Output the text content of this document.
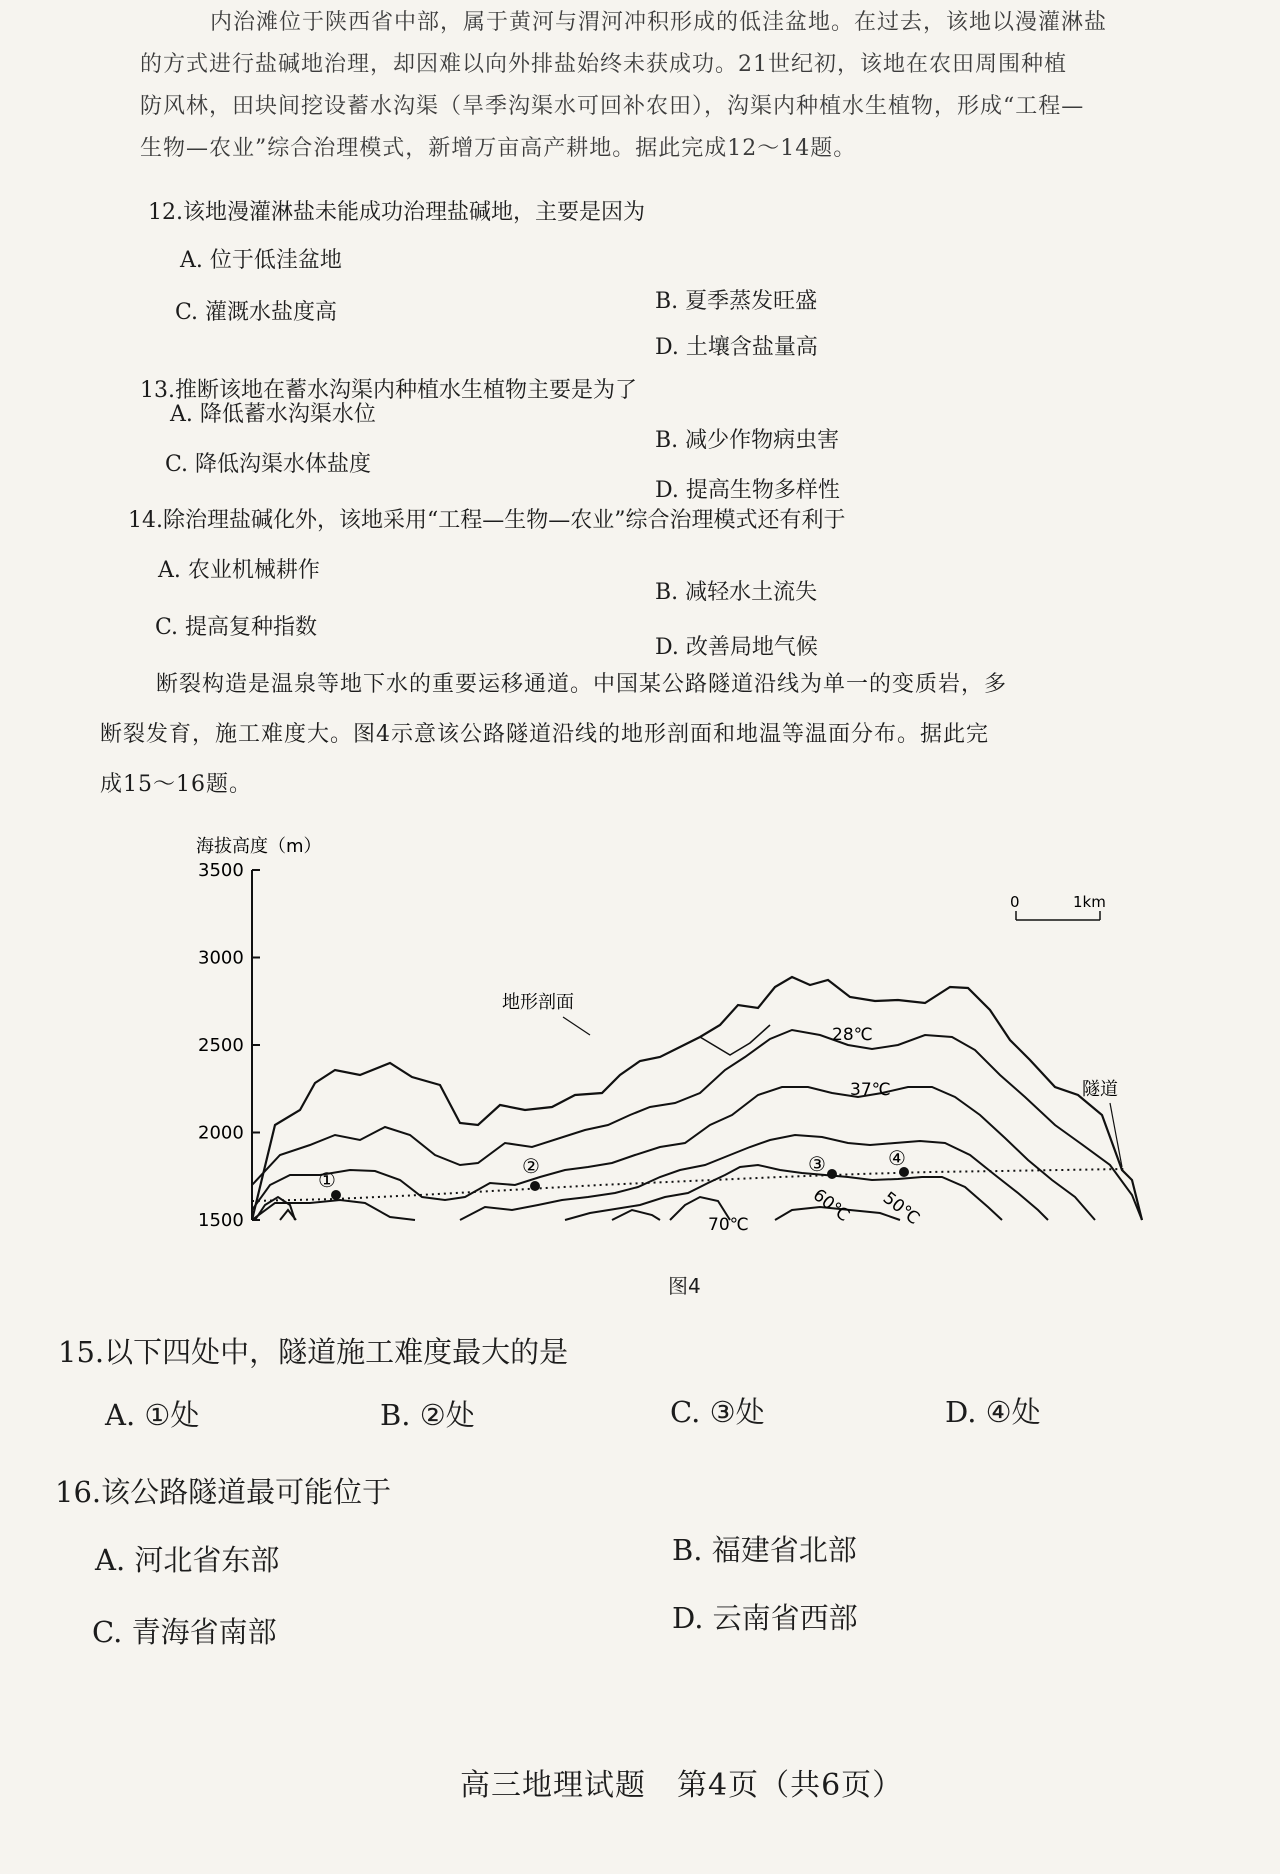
内治滩位于陕西省中部，属于黄河与渭河冲积形成的低洼盆地。在过去，该地以漫灌淋盐

的方式进行盐碱地治理，却因难以向外排盐始终未获成功。21世纪初，该地在农田周围种植

防风林，田块间挖设蓄水沟渠（旱季沟渠水可回补农田），沟渠内种植水生植物，形成“工程—

生物—农业”综合治理模式，新增万亩高产耕地。据此完成12～14题。

12.该地漫灌淋盐未能成功治理盐碱地，主要是因为
A. 位于低洼盆地
B. 夏季蒸发旺盛
C. 灌溉水盐度高
D. 土壤含盐量高
13.推断该地在蓄水沟渠内种植水生植物主要是为了
A. 降低蓄水沟渠水位
B. 减少作物病虫害
C. 降低沟渠水体盐度
D. 提高生物多样性
14.除治理盐碱化外，该地采用“工程—生物—农业”综合治理模式还有利于
A. 农业机械耕作
B. 减轻水土流失
C. 提高复种指数
D. 改善局地气候

断裂构造是温泉等地下水的重要运移通道。中国某公路隧道沿线为单一的变质岩，多

断裂发育，施工难度大。图4示意该公路隧道沿线的地形剖面和地温等温面分布。据此完

成15～16题。

海拔高度（m）
1500
2000
2500
3000
3500
0	1km
①
②	③	④
地形剖面
28℃
37℃
50℃
60℃
70℃
隧道
图4
15.以下四处中，隧道施工难度最大的是
A. ①处	B. ②处	C. ③处	D. ④处
16.该公路隧道最可能位于
A. 河北省东部	B. 福建省北部
C. 青海省南部	D. 云南省西部
高三地理试题　第4页（共6页）
